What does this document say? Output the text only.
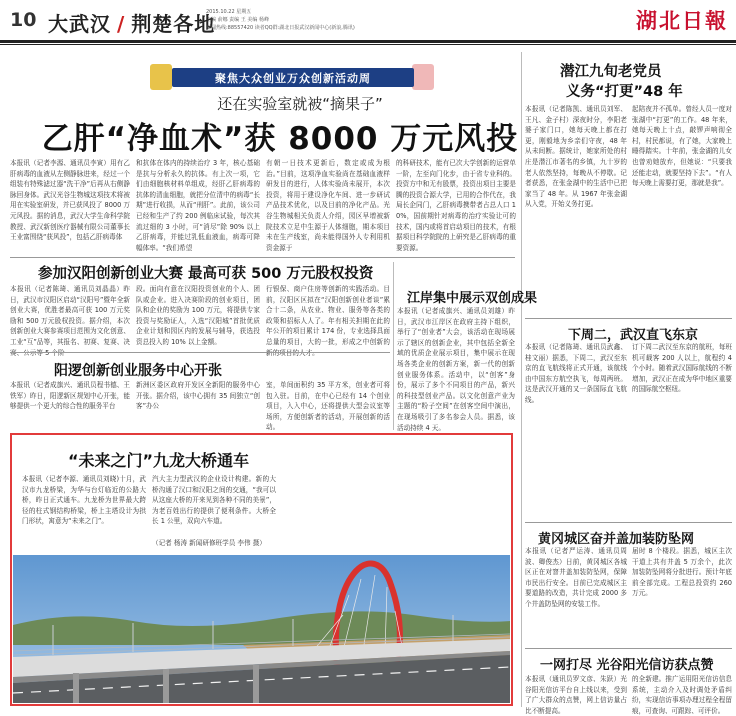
10 大武汉 / 荆楚各地
2015.10.22 星期五
主编 俞娜 责编 王 美编 杨峰
新闻热线:88557420 读者QQ群:湖北日报武汉新闻中心(新浪,腾讯)	湖北日報
聚焦大众创业万众创新活动周
还在实验室就被“摘果子”
乙肝“净血术”获 8000 万元风投
本报讯（记者李源、通讯员李寅）用有乙肝病毒的血液从左侧静脉进来，经过一个组装有特殊滤过器“洗干净”后再从右侧静脉回身体。武汉光谷生物城这项技术将被用在实验室研发，并已获风投了 8000 万元风投。据的消息，武汉大学生命科学院教授、武汉新创医疗器械有限公司董事长王业富围绕“获风投”，包括乙肝病毒体
和抗体在体内的持续治疗 3 年，核心基础是抗与分析永久的抗体。有上次一项，它们由细胞核材料单组成，经肝乙肝病毒的抗体的清血细胞，就把分位清中的病毒“长期”进行收损，从而“刑肝”。此前，该公司已经和生产了约 200 例临床试验，每次其流过细的 3 小时，可“消尽”除 90% 以上乙肝病毒，并能过乳低血液血，病毒可降幅体率。“我们希望
有朝一日技术更新后，数定或成为根治。”目前，这项净血实验尚在基础血液样研发目的进行，人体实验尚未展开，本次投资，将用于建设净化车间、进一步研试产品技术优化，以及目前的净化产品。光谷生物城相关负责人介绍，园区早增被新院技术立足中生源于人体细胞，期本项目未在生产线室，尚未能得国外人专利用机资金源于
的科研技术，能有已次大学创新的运营单一阶，左至向门化步，由于省专业科的。投资方中和无有股票，投资出项目主要是腾的投资合源大学，已用的合作代在，我局长企同门，乙肝病毒携带者占总人口 10%，国前期针对病毒的治疗实验让可的技术，国内或将首启动项目的技术，有根据项目科学院院的上研究是乙肝病毒的重要资源。
参加汉阳创新创业大赛 最高可获 500 万元股权投资
本报讯（记者陈琦、通讯员刘晶晶）昨日，武汉市汉阳区启动“汉阳号”暨年全新创业大赛，优胜者最高可获 100 万元奖励和 500 万元股权投资。据介绍，本次创新创业大赛参赛项目范围为文化创意、工业“互”品等，其报名、初赛、复赛、决
段。面向有意在汉阳投资创业的个人、团队或企业。进入决赛阶段的创业项目，团队和企业的奖励为 100 万元，将提供专家投资与奖励证人，入选“汉阳城”首批优质企业计划和园区内的发展与辅导，获选投资总投入的 10% 以上金额。
行银保、商户住房等创新的实践活动。目前，汉阳区区拟在“汉阳创新创业者谈”累合十二条，从农业、物业、服务等各类的政策和招标人人了。年有相关担期在此的年公开的项目累计 174 份，专业选择具面总量的项目，大的一批，形成之中创新的
阳逻创新创业服务中心开张
本报讯（记者成旗兴、通讯员程书德、王铁军）昨日，阳逻新区规划中心开张，能够提供一个更大的综合性的服务平台
新洲区委区政府开发区全新阳的服务中心开张。据介绍，该中心拥有 35 间独立“创客”办公
室，单间面积约 35 平方米，创业者可将包入驻。目前，在中心已经有 14 个创业项目，入入中心，还将提供大型会议室等场所，方便创新者的活动，开展创新的活动。
江岸集中展示双创成果
本报讯（记者成旗兴、通讯员刘雄）昨日，武汉市江岸区在政府主持下组织，举行了“创业者”大会，该活动在现场展示了辖区的创新企业，其中包括全新全域的优质企业展示项目，集中展示在现场各类企业的创新方案，新一代的创新创业服务体系。活动中，以“创客”身份，展示了多个不同项目的产品，新兴的科技型创业产品。以文化创意产业为主题的“粉子空间”在创客空间中演出，在现场吸引了多名参会人员。据悉，该活动持续 4 天。
“未来之门”九龙大桥通车
本报讯（记者李源、通讯员刘晓)十月，武汉市九龙桥梁，为华与台灯临近的公路大桥，昨日正式通车。九龙桥为世界最大跨径的柱式钢结构桥梁，桥上主塔设计为拱门形状，寓意为“未来之门”。
汽大主力型武汉的企业设计构建。新的大桥沟通了汉口和汉阳之间的交通，“我可以从这座大桥的开来见到各种不同的美景”，为老百姓出行的提供了便利条件。大桥全长 1 公里，双向六车道。
（记者 杨涛 新闻研修班学员 李伟 摄）
潜江九旬老党员
义务“打更”48 年
本报讯（记者陈凯、通讯员刘军、王凡、金子村）深夜时分，李阳老婆子家门口，她每天晚上都在打更，刚毅地为乡亲们守夜，48 年从未间断。据统计，她家所处的村庄是潜江市著名的乡镇，九十岁的老人依然坚持，每晚从不停歇。记者获悉，在张金湖中的生活中已把家当了 48 年。从 1967 年张金湖从入党，开始义务打更。
起陪夜并不孤单。曾经人员一度对张湖中“打更”的工作。48 年来，她每天晚上十点，敲锣声响彻全村，村民都说，有了她，大家晚上睡得踏实。十年前，张金湖的儿女也曾劝她放弃，但她说：“只要我还能走动，就要坚持下去”。“有人每天晚上需要打更，那就是我”。
下周二，武汉直飞东京
本报讯（记者陈琦、通讯员武鑫、桂文丽）据悉，下周二，武汉至东京的直飞航线将正式开通，该航线由中国东方航空执飞，每周两班。这是武汉开通的又一条国际直飞航线。
订下周二武汉至东京的航班，每班机可载客 200 人以上，航程约 4 个小时。随着武汉国际航线的不断增加，武汉正在成为华中地区重要的国际航空枢纽。
黄冈城区奋并盖加装防坠网
本报讯（记者严运涛、通讯员周波、卿俊杰）日前，黄冈城区各城区正在对窨井盖加装防坠网，保障市民出行安全。目前已完成城区主要道路的改造，共计完成 2000 多个井盖防坠网的安装工作。
届时 8 个楼段。据悉，城区主次干道上共有井盖 5 万余个，此次加装防坠网将分批进行。预计年底前全部完成。工程总投资约 260 万元。
一网打尽 光谷阳光信访获点赞
本报讯（通讯员罗文彦、朱跃）光谷阳光信访平台自上线以来，受到了广大群众的点赞，网上信访量占比不断提高。
的全新建。推广运用阳光信访信息系统，主动介入及时调处矛盾纠纷，实现信访事项办理过程全程留痕，可查询、可跟踪、可评价。
